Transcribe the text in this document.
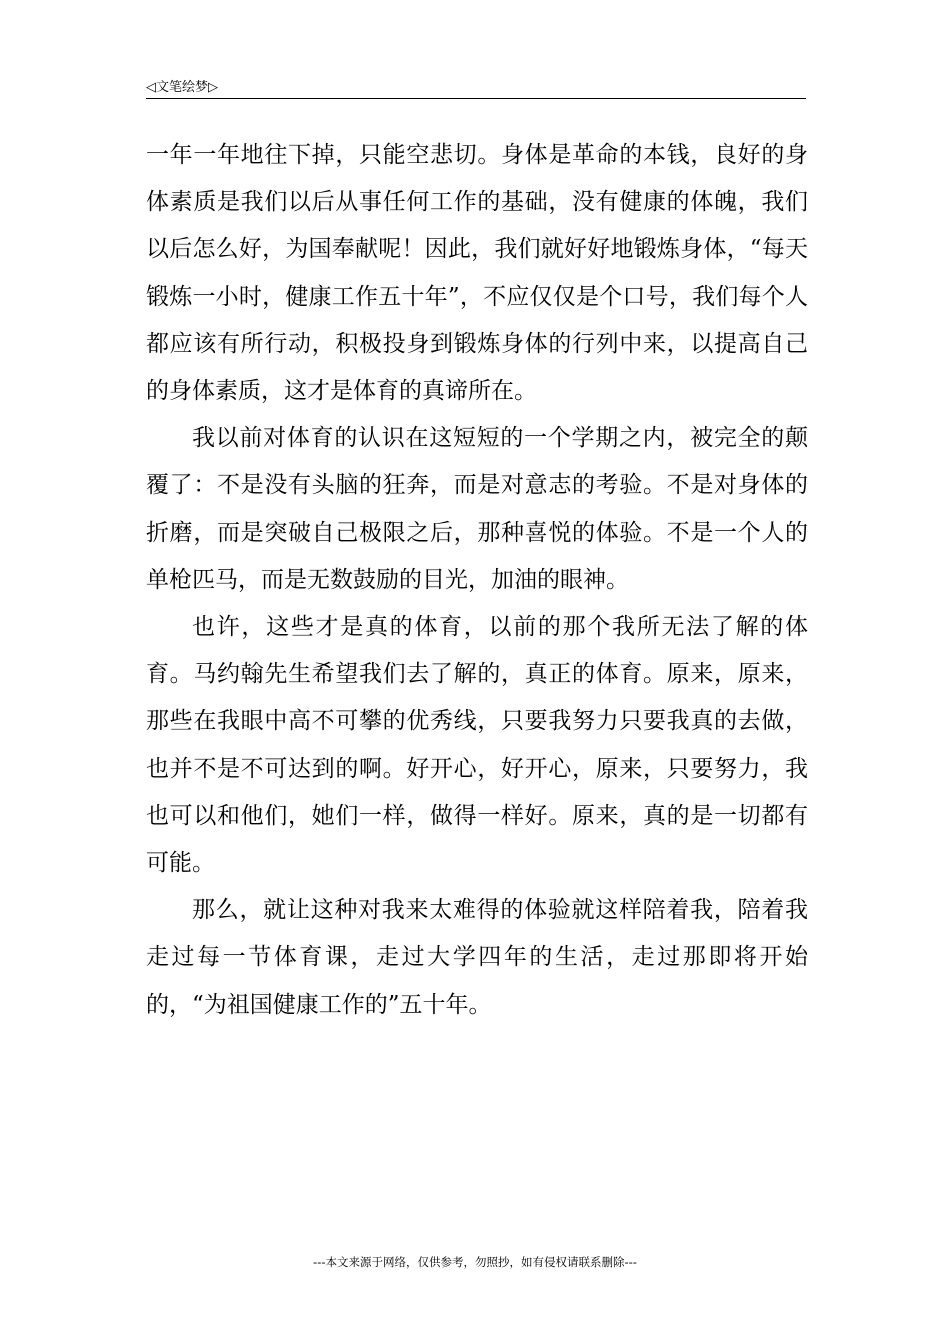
◁文笔绘梦▷

一年一年地往下掉，只能空悲切。身体是革命的本钱，良好的身体素质是我们以后从事任何工作的基础，没有健康的体魄，我们以后怎么好，为国奉献呢！因此，我们就好好地锻炼身体，“每天锻炼一小时，健康工作五十年”，不应仅仅是个口号，我们每个人都应该有所行动，积极投身到锻炼身体的行列中来，以提高自己的身体素质，这才是体育的真谛所在。

我以前对体育的认识在这短短的一个学期之内，被完全的颠覆了：不是没有头脑的狂奔，而是对意志的考验。不是对身体的折磨，而是突破自己极限之后，那种喜悦的体验。不是一个人的单枪匹马，而是无数鼓励的目光，加油的眼神。

也许，这些才是真的体育，以前的那个我所无法了解的体育。马约翰先生希望我们去了解的，真正的体育。原来，原来，那些在我眼中高不可攀的优秀线，只要我努力只要我真的去做，也并不是不可达到的啊。好开心，好开心，原来，只要努力，我也可以和他们，她们一样，做得一样好。原来，真的是一切都有可能。

那么，就让这种对我来太难得的体验就这样陪着我，陪着我走过每一节体育课，走过大学四年的生活，走过那即将开始的，“为祖国健康工作的”五十年。

---本文来源于网络，仅供参考，勿照抄，如有侵权请联系删除---
